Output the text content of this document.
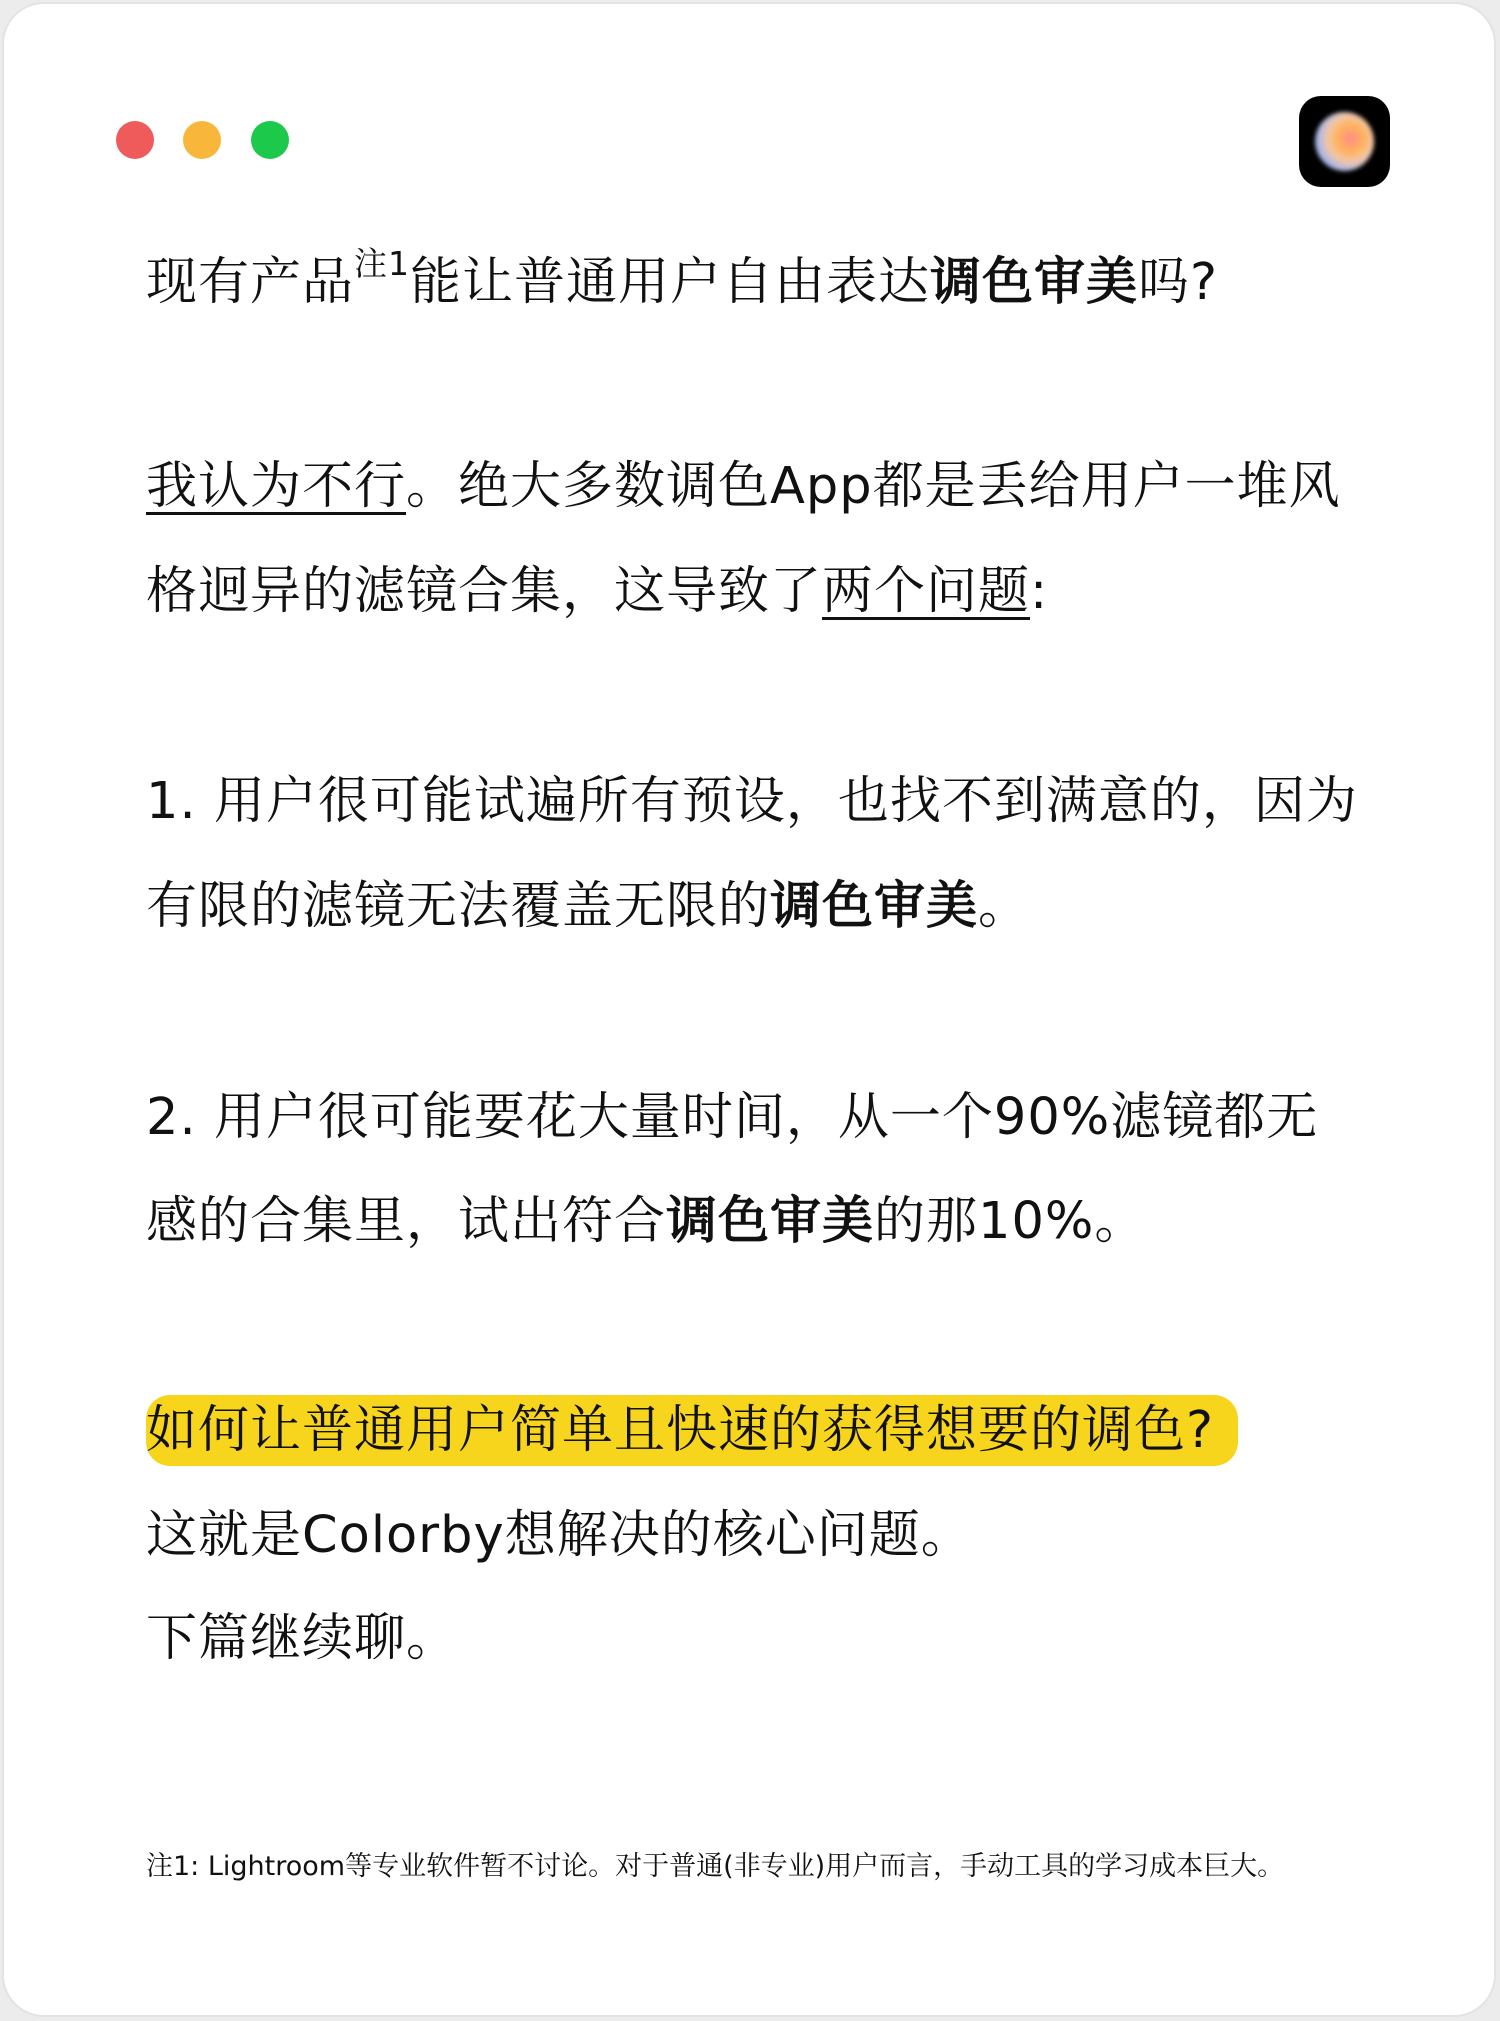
现有产品$^{注1}$能让普通用户自由表达调色审美吗?
我认为不行。绝大多数调色App都是丢给用户一堆风
格迥异的滤镜合集，这导致了两个问题:
1. 用户很可能试遍所有预设，也找不到满意的，因为
有限的滤镜无法覆盖无限的调色审美。
2. 用户很可能要花大量时间，从一个90%滤镜都无
感的合集里，试出符合调色审美的那10%。
如何让普通用户简单且快速的获得想要的调色?
这就是Colorby想解决的核心问题。
下篇继续聊。
注1: Lightroom等专业软件暂不讨论。对于普通(非专业)用户而言，手动工具的学习成本巨大。
